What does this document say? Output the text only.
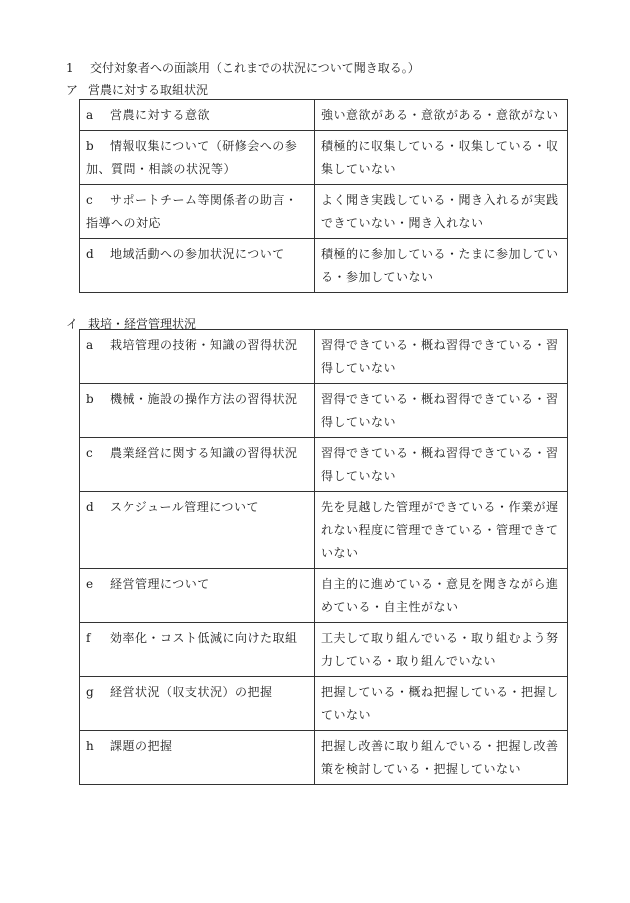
1 交付対象者への面談用（これまでの状況について聞き取る。）
ア 営農に対する取組状況
a 営農に対する意欲	強い意欲がある・意欲がある・意欲がない
b 情報収集について（研修会への参加、質問・相談の状況等）	積極的に収集している・収集している・収集していない
c サポートチーム等関係者の助言・指導への対応	よく聞き実践している・聞き入れるが実践できていない・聞き入れない
d 地域活動への参加状況について	積極的に参加している・たまに参加している・参加していない
イ 栽培・経営管理状況
a 栽培管理の技術・知識の習得状況	習得できている・概ね習得できている・習得していない
b 機械・施設の操作方法の習得状況	習得できている・概ね習得できている・習得していない
c 農業経営に関する知識の習得状況	習得できている・概ね習得できている・習得していない
d スケジュール管理について	先を見越した管理ができている・作業が遅れない程度に管理できている・管理できていない
e 経営管理について	自主的に進めている・意見を聞きながら進めている・自主性がない
f 効率化・コスト低減に向けた取組	工夫して取り組んでいる・取り組むよう努力している・取り組んでいない
g 経営状況（収支状況）の把握	把握している・概ね把握している・把握していない
h 課題の把握	把握し改善に取り組んでいる・把握し改善策を検討している・把握していない
